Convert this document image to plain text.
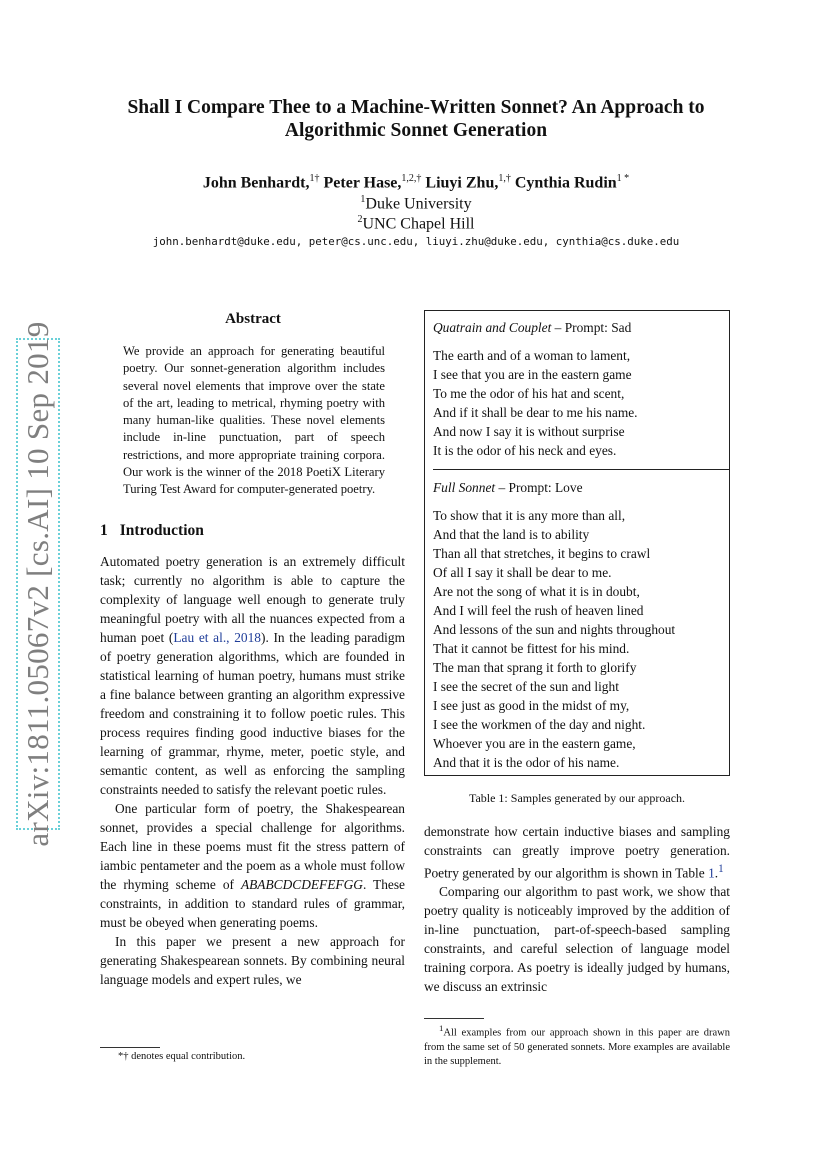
arXiv:1811.05067v2 [cs.AI] 10 Sep 2019
Shall I Compare Thee to a Machine-Written Sonnet? An Approach to
Algorithmic Sonnet Generation
John Benhardt,$^{1\dagger}$ Peter Hase,$^{1,2,\dagger}$ Liuyi Zhu,$^{1,\dagger}$ Cynthia Rudin$^{1 *}$
$^1$Duke University
$^2$UNC Chapel Hill
john.benhardt@duke.edu, peter@cs.unc.edu, liuyi.zhu@duke.edu, cynthia@cs.duke.edu
Abstract
We provide an approach for generating beautiful poetry. Our sonnet-generation algorithm includes several novel elements that improve over the state of the art, leading to metrical, rhyming poetry with many human-like qualities. These novel elements include in-line punctuation, part of speech restrictions, and more appropriate training corpora. Our work is the winner of the 2018 PoetiX Literary Turing Test Award for computer-generated poetry.
1 Introduction

Automated poetry generation is an extremely difficult task; currently no algorithm is able to capture the complexity of language well enough to generate truly meaningful poetry with all the nuances expected from a human poet (Lau et al., 2018). In the leading paradigm of poetry generation algorithms, which are founded in statistical learning of human poetry, humans must strike a fine balance between granting an algorithm expressive freedom and constraining it to follow poetic rules. This process requires finding good inductive biases for the learning of grammar, rhyme, meter, poetic style, and semantic content, as well as enforcing the sampling constraints needed to satisfy the relevant poetic rules.

One particular form of poetry, the Shakespearean sonnet, provides a special challenge for algorithms. Each line in these poems must fit the stress pattern of iambic pentameter and the poem as a whole must follow the rhyming scheme of ABABCDCDEFEFGG. These constraints, in addition to standard rules of grammar, must be obeyed when generating poems.

In this paper we present a new approach for generating Shakespearean sonnets. By combining neural language models and expert rules, we

*† denotes equal contribution.
Quatrain and Couplet – Prompt: Sad
The earth and of a woman to lament,
I see that you are in the eastern game
To me the odor of his hat and scent,
And if it shall be dear to me his name.
And now I say it is without surprise
It is the odor of his neck and eyes.
Full Sonnet – Prompt: Love
To show that it is any more than all,
And that the land is to ability
Than all that stretches, it begins to crawl
Of all I say it shall be dear to me.
Are not the song of what it is in doubt,
And I will feel the rush of heaven lined
And lessons of the sun and nights throughout
That it cannot be fittest for his mind.
The man that sprang it forth to glorify
I see the secret of the sun and light
I see just as good in the midst of my,
I see the workmen of the day and night.
Whoever you are in the eastern game,
And that it is the odor of his name.
Table 1: Samples generated by our approach.

demonstrate how certain inductive biases and sampling constraints can greatly improve poetry generation. Poetry generated by our algorithm is shown in Table 1.$^1$

Comparing our algorithm to past work, we show that poetry quality is noticeably improved by the addition of in-line punctuation, part-of-speech-based sampling constraints, and careful selection of language model training corpora. As poetry is ideally judged by humans, we discuss an extrinsic

$^1$All examples from our approach shown in this paper are drawn from the same set of 50 generated sonnets. More examples are available in the supplement.
